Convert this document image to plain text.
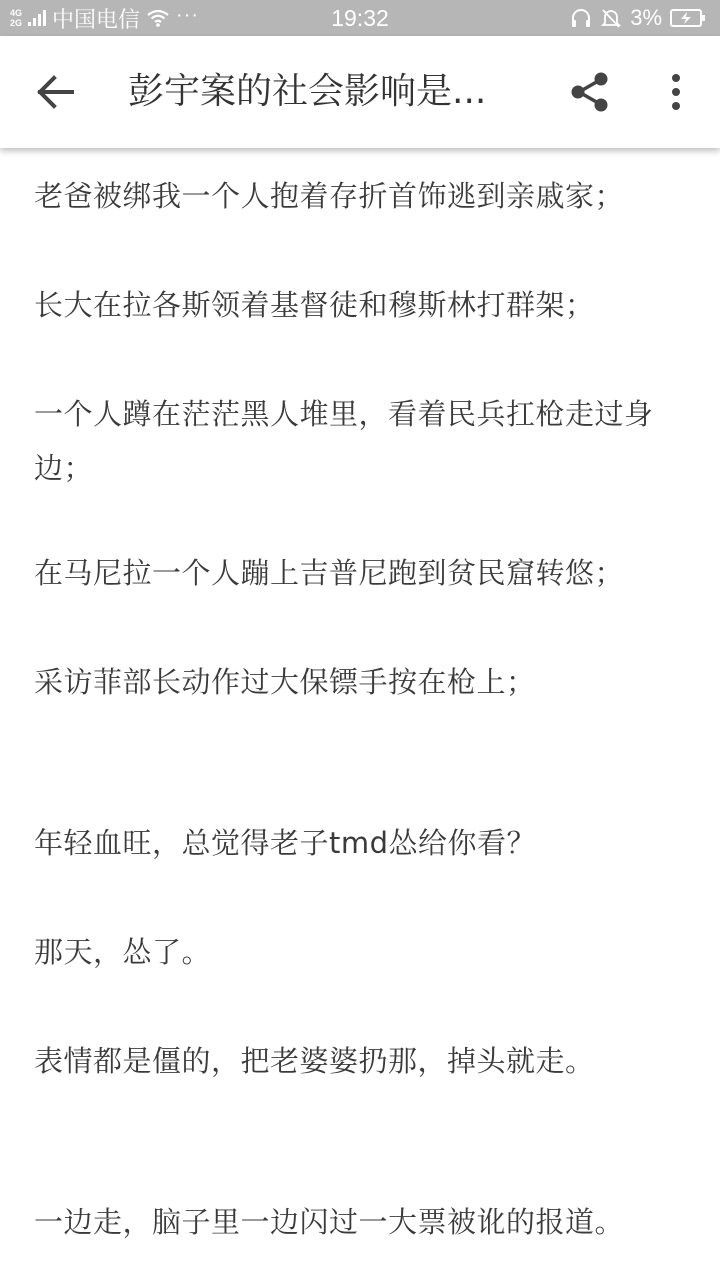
4G
2G 中国电信 ···	19:32	3%
彭宇案的社会影响是...

老爸被绑我一个人抱着存折首饰逃到亲戚家；

长大在拉各斯领着基督徒和穆斯林打群架；

一个人蹲在茫茫黑人堆里，看着民兵扛枪走过身边；

在马尼拉一个人蹦上吉普尼跑到贫民窟转悠；

采访菲部长动作过大保镖手按在枪上；

年轻血旺，总觉得老子tmd怂给你看？

那天，怂了。

表情都是僵的，把老婆婆扔那，掉头就走。

一边走，脑子里一边闪过一大票被讹的报道。
